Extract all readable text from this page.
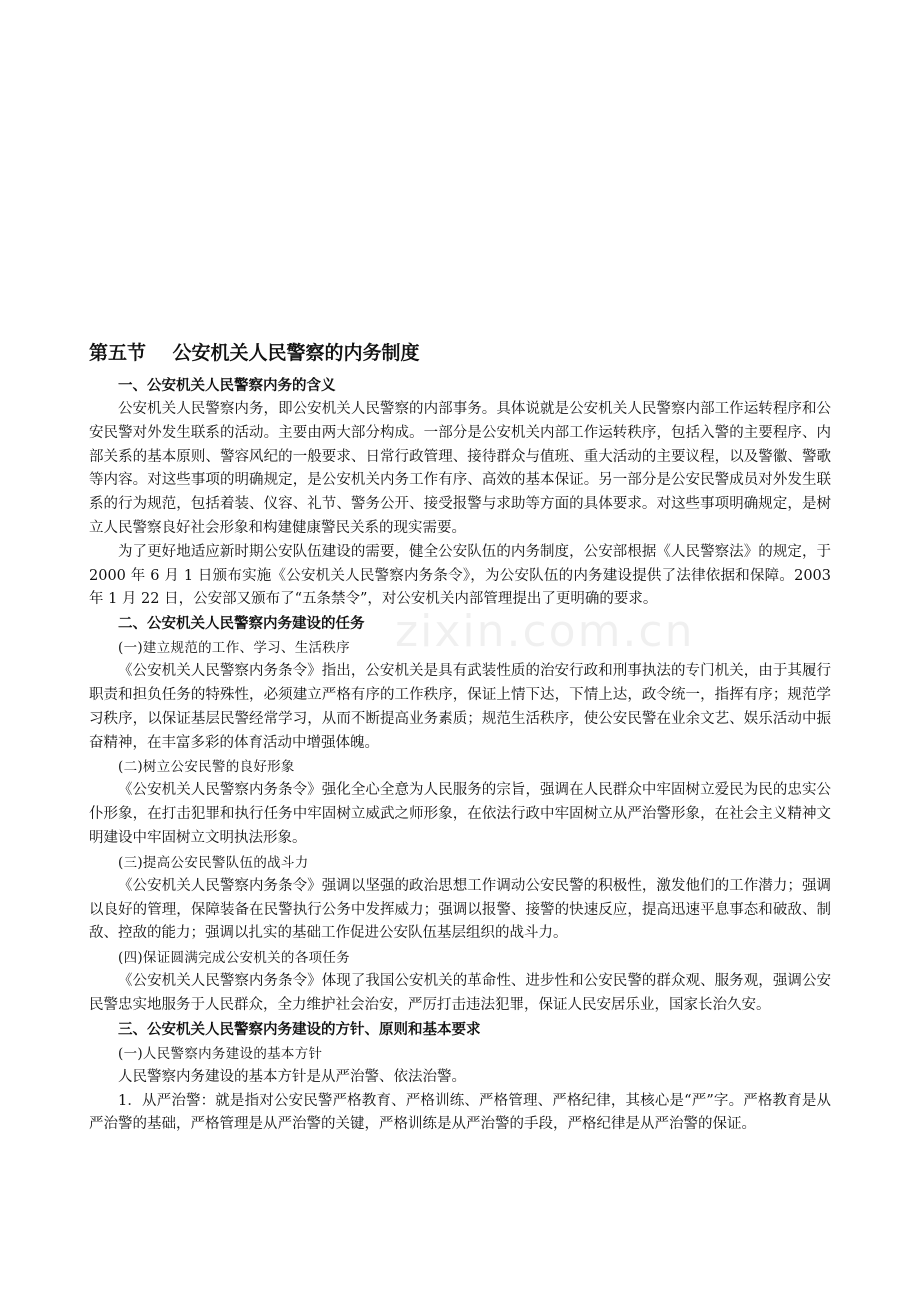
zixin.com.cn
第五节    公安机关人民警察的内务制度

一、公安机关人民警察内务的含义

公安机关人民警察内务，即公安机关人民警察的内部事务。具体说就是公安机关人民警察内部工作运转程序和公安民警对外发生联系的活动。主要由两大部分构成。一部分是公安机关内部工作运转秩序，包括入警的主要程序、内部关系的基本原则、警容风纪的一般要求、日常行政管理、接待群众与值班、重大活动的主要议程，以及警徽、警歌等内容。对这些事项的明确规定，是公安机关内务工作有序、高效的基本保证。另一部分是公安民警成员对外发生联系的行为规范，包括着装、仪容、礼节、警务公开、接受报警与求助等方面的具体要求。对这些事项明确规定，是树立人民警察良好社会形象和构建健康警民关系的现实需要。

为了更好地适应新时期公安队伍建设的需要，健全公安队伍的内务制度，公安部根据《人民警察法》的规定，于 2000 年 6 月 1 日颁布实施《公安机关人民警察内务条令》，为公安队伍的内务建设提供了法律依据和保障。2003 年 1 月 22 日，公安部又颁布了“五条禁令”，对公安机关内部管理提出了更明确的要求。

二、公安机关人民警察内务建设的任务

(一)建立规范的工作、学习、生活秩序

《公安机关人民警察内务条令》指出，公安机关是具有武装性质的治安行政和刑事执法的专门机关，由于其履行职责和担负任务的特殊性，必须建立严格有序的工作秩序，保证上情下达，下情上达，政令统一，指挥有序；规范学习秩序，以保证基层民警经常学习，从而不断提高业务素质；规范生活秩序，使公安民警在业余文艺、娱乐活动中振奋精神，在丰富多彩的体育活动中增强体魄。

(二)树立公安民警的良好形象

《公安机关人民警察内务条令》强化全心全意为人民服务的宗旨，强调在人民群众中牢固树立爱民为民的忠实公仆形象，在打击犯罪和执行任务中牢固树立威武之师形象，在依法行政中牢固树立从严治警形象，在社会主义精神文明建设中牢固树立文明执法形象。

(三)提高公安民警队伍的战斗力

《公安机关人民警察内务条令》强调以坚强的政治思想工作调动公安民警的积极性，激发他们的工作潜力；强调以良好的管理，保障装备在民警执行公务中发挥威力；强调以报警、接警的快速反应，提高迅速平息事态和破敌、制敌、控敌的能力；强调以扎实的基础工作促进公安队伍基层组织的战斗力。

(四)保证圆满完成公安机关的各项任务

《公安机关人民警察内务条令》体现了我国公安机关的革命性、进步性和公安民警的群众观、服务观，强调公安民警忠实地服务于人民群众，全力维护社会治安，严厉打击违法犯罪，保证人民安居乐业，国家长治久安。

三、公安机关人民警察内务建设的方针、原则和基本要求

(一)人民警察内务建设的基本方针

人民警察内务建设的基本方针是从严治警、依法治警。

1．从严治警：就是指对公安民警严格教育、严格训练、严格管理、严格纪律，其核心是“严”字。严格教育是从严治警的基础，严格管理是从严治警的关键，严格训练是从严治警的手段，严格纪律是从严治警的保证。
